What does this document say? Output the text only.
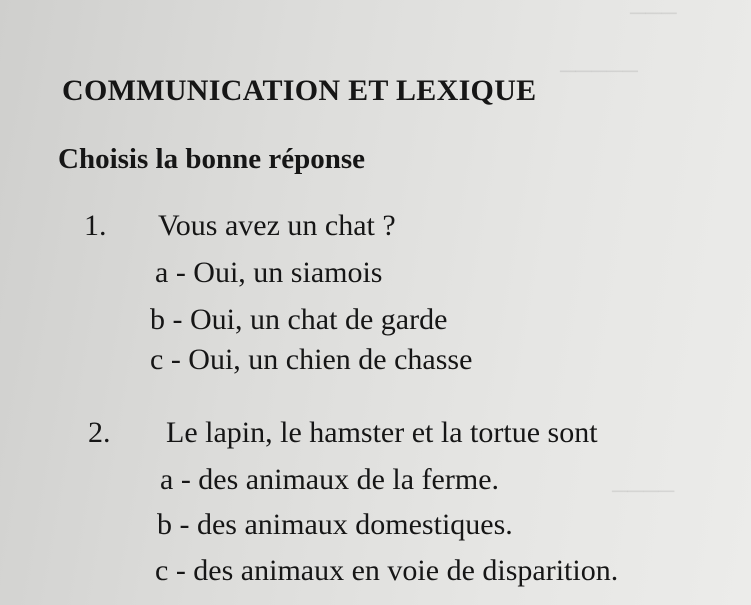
───
─────
────
COMMUNICATION ET LEXIQUE
Choisis la bonne réponse
1. Vous avez un chat ?
a - Oui, un siamois
b - Oui, un chat de garde
c - Oui, un chien de chasse
2. Le lapin, le hamster et la tortue sont
a - des animaux de la ferme.
b - des animaux domestiques.
c - des animaux en voie de disparition.
